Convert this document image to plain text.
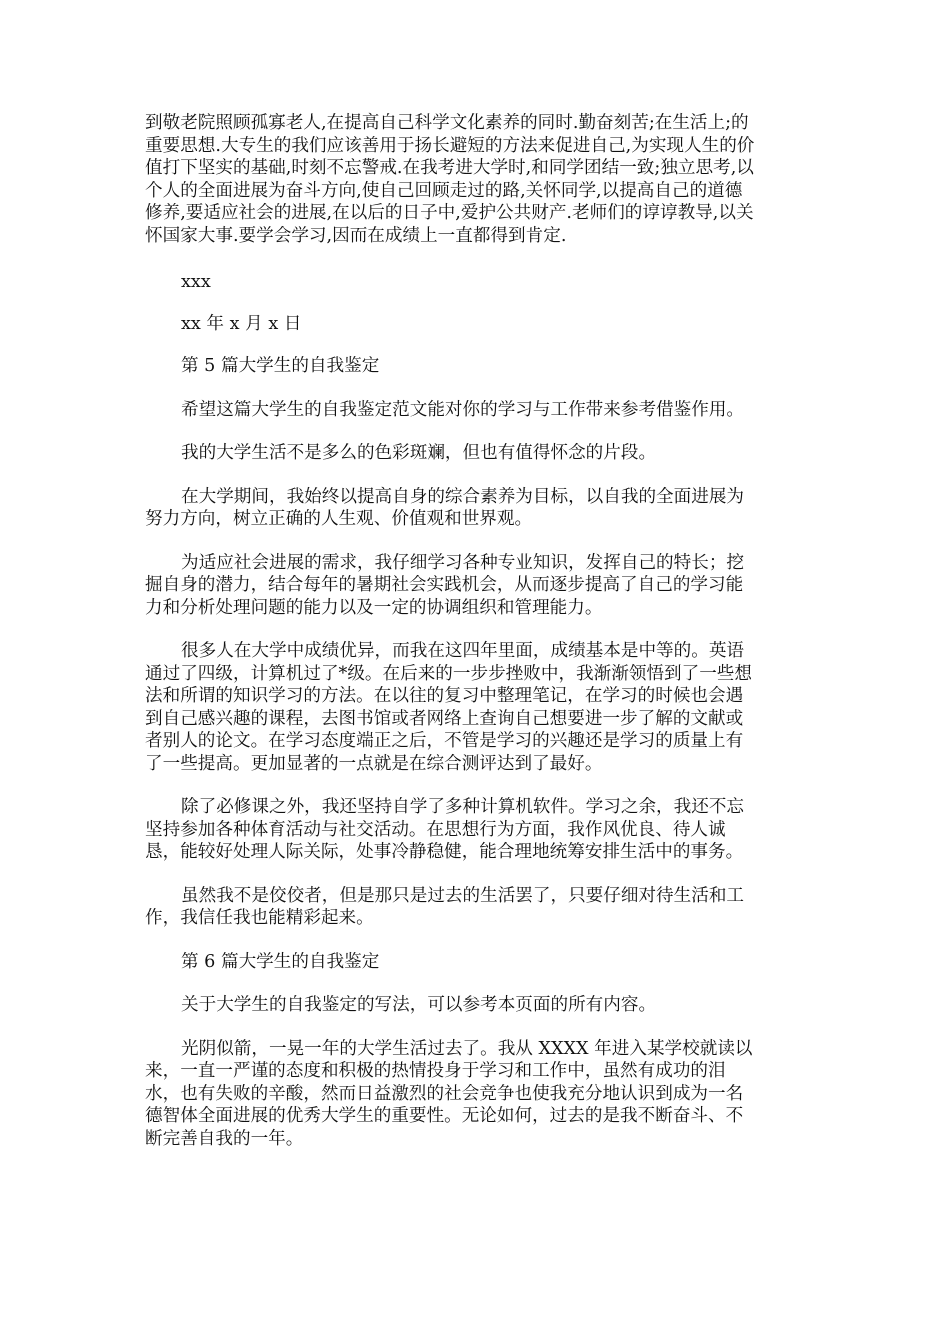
到敬老院照顾孤寡老人,在提高自己科学文化素养的同时.勤奋刻苦;在生活上;的
重要思想.大专生的我们应该善用于扬长避短的方法来促进自己,为实现人生的价
值打下坚实的基础,时刻不忘警戒.在我考进大学时,和同学团结一致;独立思考,以
个人的全面进展为奋斗方向,使自己回顾走过的路,关怀同学,以提高自己的道德
修养,要适应社会的进展,在以后的日子中,爱护公共财产.老师们的谆谆教导,以关
怀国家大事.要学会学习,因而在成绩上一直都得到肯定.
xxx
xx 年 x 月 x 日
第 5 篇大学生的自我鉴定
希望这篇大学生的自我鉴定范文能对你的学习与工作带来参考借鉴作用。
我的大学生活不是多么的色彩斑斓，但也有值得怀念的片段。
在大学期间，我始终以提高自身的综合素养为目标，以自我的全面进展为
努力方向，树立正确的人生观、价值观和世界观。
为适应社会进展的需求，我仔细学习各种专业知识，发挥自己的特长；挖
掘自身的潜力，结合每年的暑期社会实践机会，从而逐步提高了自己的学习能
力和分析处理问题的能力以及一定的协调组织和管理能力。
很多人在大学中成绩优异，而我在这四年里面，成绩基本是中等的。英语
通过了四级，计算机过了*级。在后来的一步步挫败中，我渐渐领悟到了一些想
法和所谓的知识学习的方法。在以往的复习中整理笔记，在学习的时候也会遇
到自己感兴趣的课程，去图书馆或者网络上查询自己想要进一步了解的文献或
者别人的论文。在学习态度端正之后，不管是学习的兴趣还是学习的质量上有
了一些提高。更加显著的一点就是在综合测评达到了最好。
除了必修课之外，我还坚持自学了多种计算机软件。学习之余，我还不忘
坚持参加各种体育活动与社交活动。在思想行为方面，我作风优良、待人诚
恳，能较好处理人际关际，处事冷静稳健，能合理地统筹安排生活中的事务。
虽然我不是佼佼者，但是那只是过去的生活罢了，只要仔细对待生活和工
作，我信任我也能精彩起来。
第 6 篇大学生的自我鉴定
关于大学生的自我鉴定的写法，可以参考本页面的所有内容。
光阴似箭，一晃一年的大学生活过去了。我从 XXXX 年进入某学校就读以
来，一直一严谨的态度和积极的热情投身于学习和工作中，虽然有成功的泪
水，也有失败的辛酸，然而日益激烈的社会竞争也使我充分地认识到成为一名
德智体全面进展的优秀大学生的重要性。无论如何，过去的是我不断奋斗、不
断完善自我的一年。
